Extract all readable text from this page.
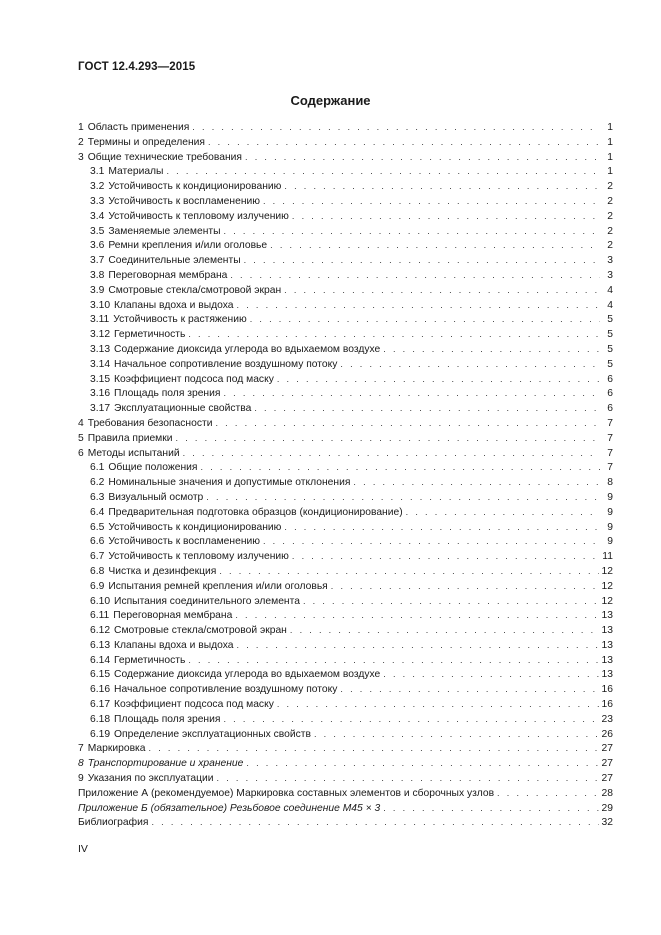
ГОСТ 12.4.293—2015
Содержание
1 Область применения . . .	1
2 Термины и определения . . .	1
3 Общие технические требования . . .	1
3.1 Материалы . . .	1
3.2 Устойчивость к кондиционированию . . .	2
3.3 Устойчивость к воспламенению . . .	2
3.4 Устойчивость к тепловому излучению . . .	2
3.5 Заменяемые элементы . . .	2
3.6 Ремни крепления и/или оголовье . . .	2
3.7 Соединительные элементы . . .	3
3.8 Переговорная мембрана . . .	3
3.9 Смотровые стекла/смотровой экран . . .	4
3.10 Клапаны вдоха и выдоха . . .	4
3.11 Устойчивость к растяжению . . .	5
3.12 Герметичность . . .	5
3.13 Содержание диоксида углерода во вдыхаемом воздухе . . .	5
3.14 Начальное сопротивление воздушному потоку . . .	5
3.15 Коэффициент подсоса под маску . . .	6
3.16 Площадь поля зрения . . .	6
3.17 Эксплуатационные свойства . . .	6
4 Требования безопасности . . .	7
5 Правила приемки . . .	7
6 Методы испытаний . . .	7
6.1 Общие положения . . .	7
6.2 Номинальные значения и допустимые отклонения . . .	8
6.3 Визуальный осмотр . . .	9
6.4 Предварительная подготовка образцов (кондиционирование) . . .	9
6.5 Устойчивость к кондиционированию . . .	9
6.6 Устойчивость к воспламенению . . .	9
6.7 Устойчивость к тепловому излучению . . .	11
6.8 Чистка и дезинфекция . . .	12
6.9 Испытания ремней крепления и/или оголовья . . .	12
6.10 Испытания соединительного элемента . . .	12
6.11 Переговорная мембрана . . .	13
6.12 Смотровые стекла/смотровой экран . . .	13
6.13 Клапаны вдоха и выдоха . . .	13
6.14 Герметичность . . .	13
6.15 Содержание диоксида углерода во вдыхаемом воздухе . . .	13
6.16 Начальное сопротивление воздушному потоку . . .	16
6.17 Коэффициент подсоса под маску . . .	16
6.18 Площадь поля зрения . . .	23
6.19 Определение эксплуатационных свойств . . .	26
7 Маркировка . . .	27
8 Транспортирование и хранение . . .	27
9 Указания по эксплуатации . . .	27
Приложение А (рекомендуемое) Маркировка составных элементов и сборочных узлов . . .	28
Приложение Б (обязательное) Резьбовое соединение М45 × 3 . . .	29
Библиография . . .	32
IV
